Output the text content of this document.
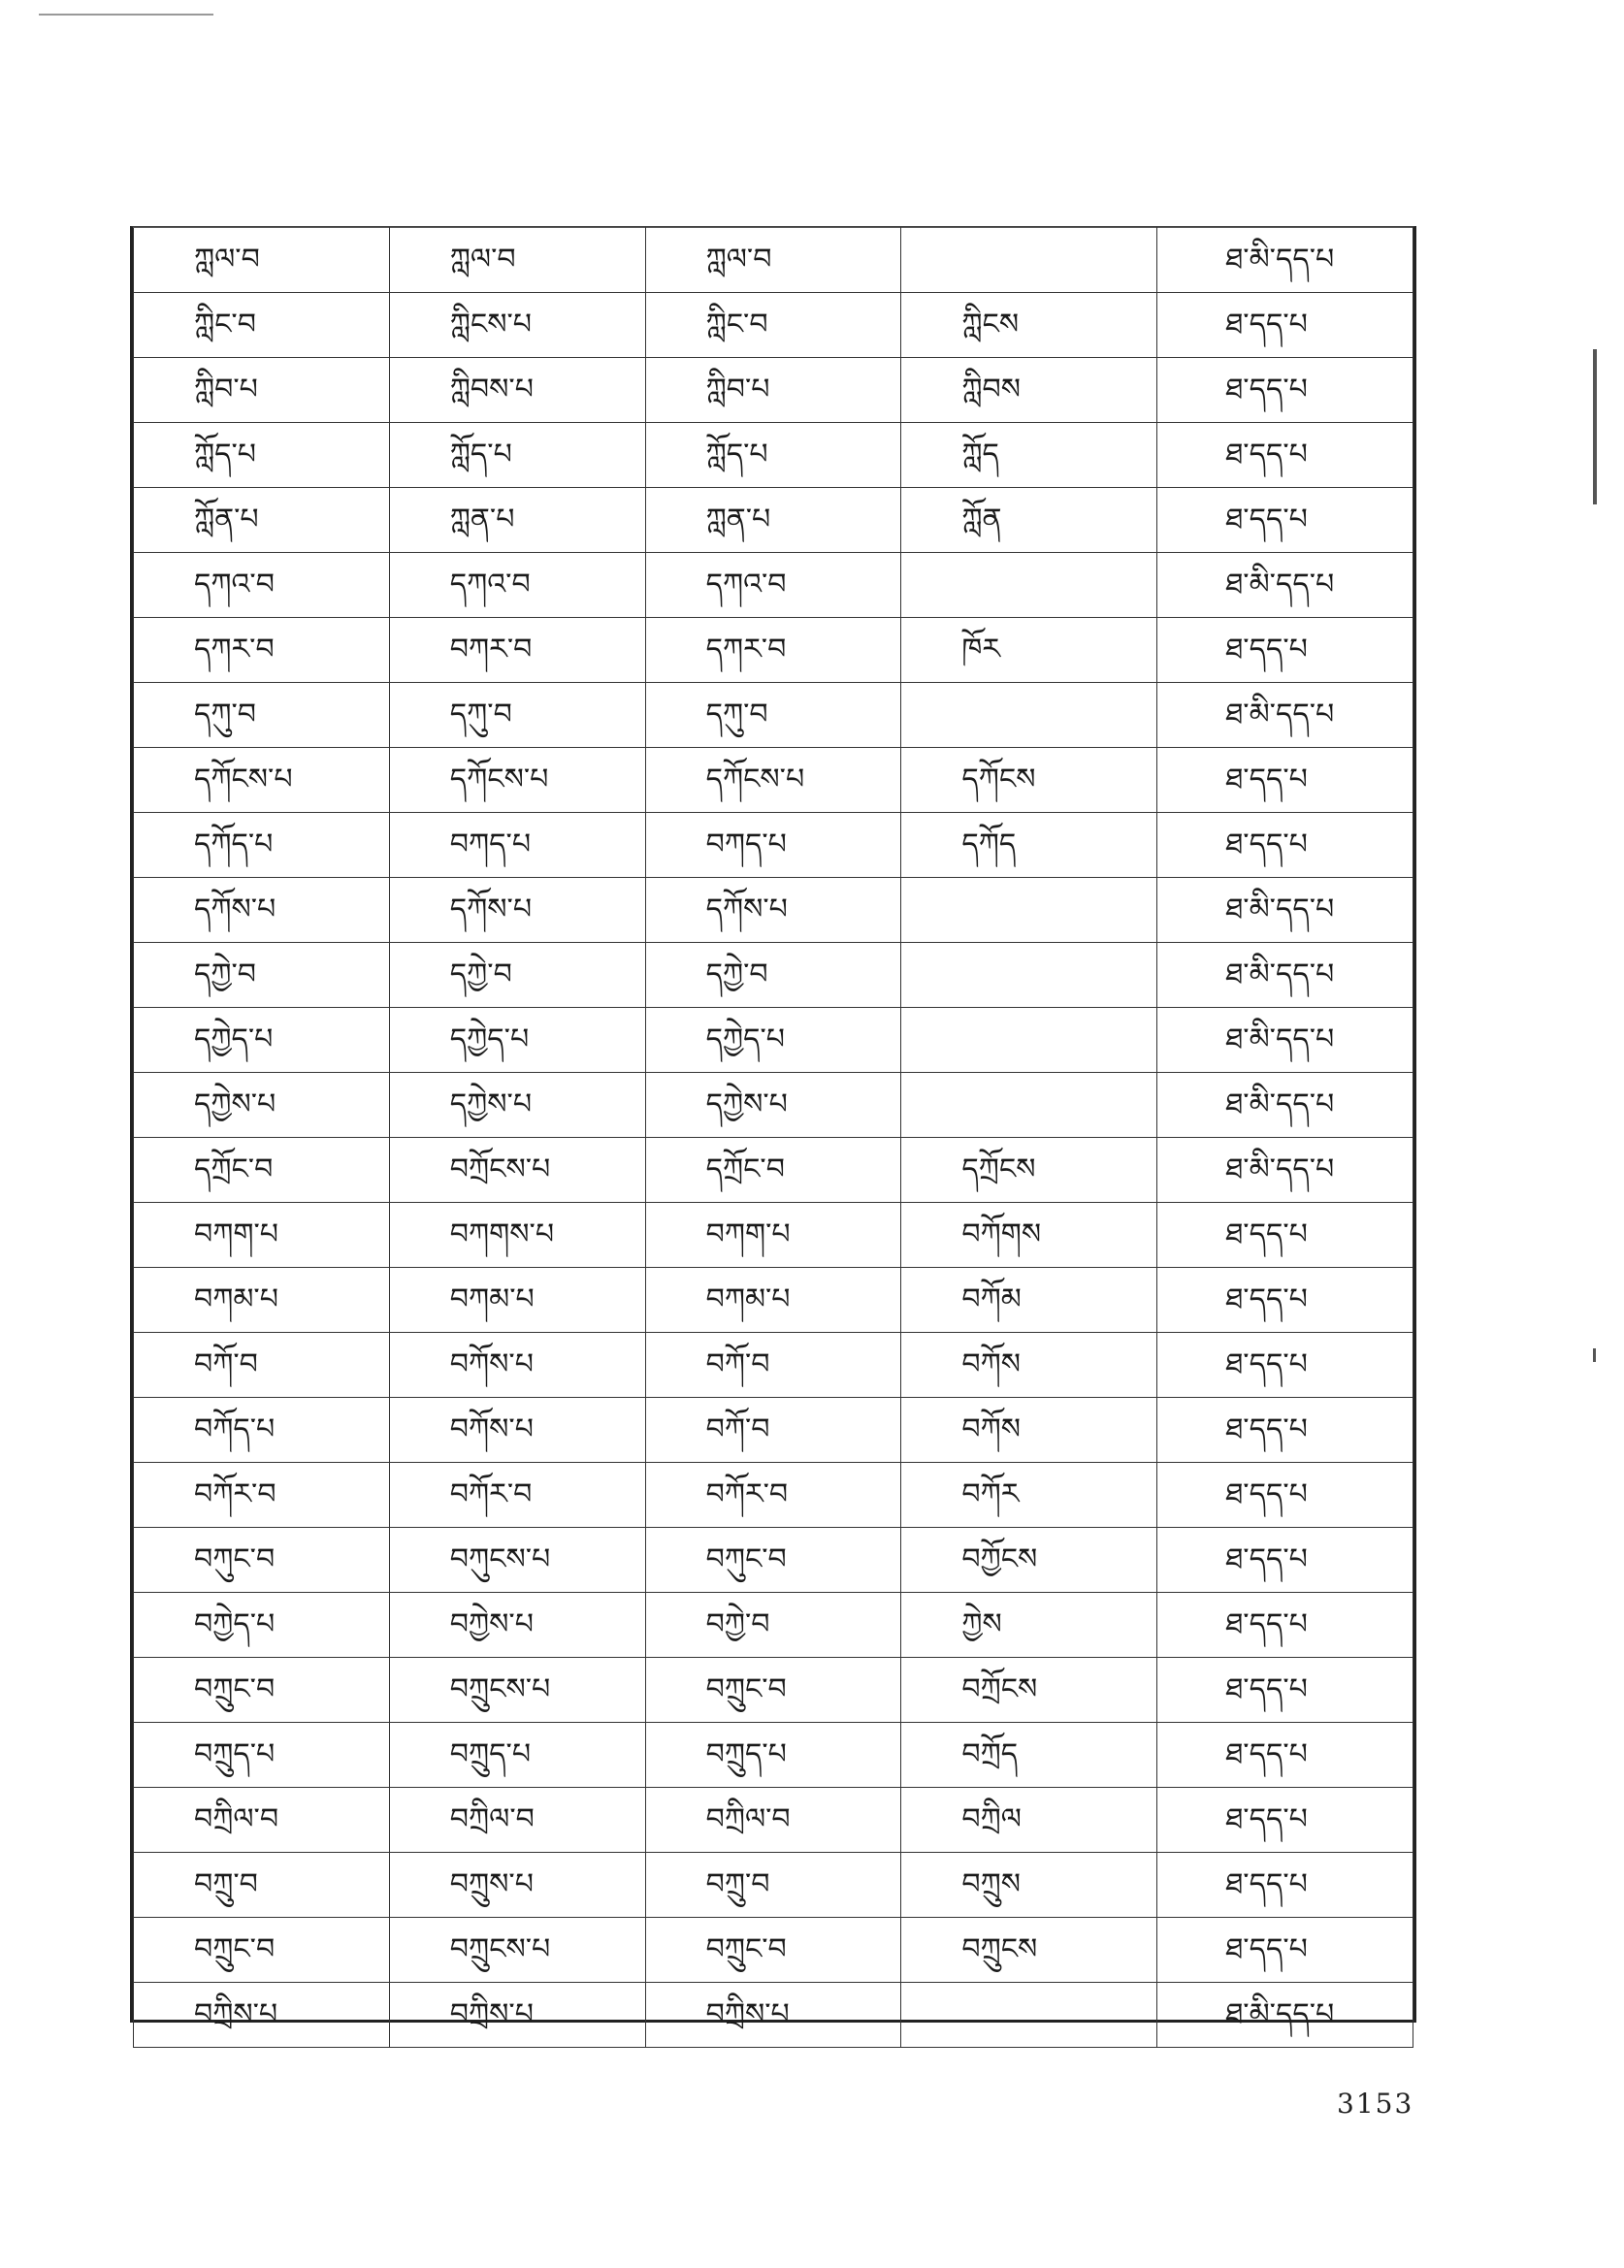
ཀླལ་བ	ཀླལ་བ	ཀླལ་བ		ཐ་མི་དད་པ
ཀླིང་བ	ཀླིངས་པ	ཀླིང་བ	ཀླིངས	ཐ་དད་པ
ཀླིབ་པ	ཀླིབས་པ	ཀླིབ་པ	ཀླིབས	ཐ་དད་པ
ཀློད་པ	ཀློད་པ	ཀློད་པ	ཀློད	ཐ་དད་པ
ཀློན་པ	ཀླན་པ	ཀླན་པ	ཀློན	ཐ་དད་པ
དཀའ་བ	དཀའ་བ	དཀའ་བ		ཐ་མི་དད་པ
དཀར་བ	བཀར་བ	དཀར་བ	ཁོར	ཐ་དད་པ
དཀུ་བ	དཀུ་བ	དཀུ་བ		ཐ་མི་དད་པ
དཀོངས་པ	དཀོངས་པ	དཀོངས་པ	དཀོངས	ཐ་དད་པ
དཀོད་པ	བཀད་པ	བཀད་པ	དཀོད	ཐ་དད་པ
དཀོས་པ	དཀོས་པ	དཀོས་པ		ཐ་མི་དད་པ
དཀྱེ་བ	དཀྱེ་བ	དཀྱེ་བ		ཐ་མི་དད་པ
དཀྱེད་པ	དཀྱེད་པ	དཀྱེད་པ		ཐ་མི་དད་པ
དཀྱེས་པ	དཀྱེས་པ	དཀྱེས་པ		ཐ་མི་དད་པ
དཀྲོང་བ	བཀྲོངས་པ	དཀྲོང་བ	དཀྲོངས	ཐ་མི་དད་པ
བཀག་པ	བཀགས་པ	བཀག་པ	བཀོགས	ཐ་དད་པ
བཀམ་པ	བཀམ་པ	བཀམ་པ	བཀོམ	ཐ་དད་པ
བཀོ་བ	བཀོས་པ	བཀོ་བ	བཀོས	ཐ་དད་པ
བཀོད་པ	བཀོས་པ	བཀོ་བ	བཀོས	ཐ་དད་པ
བཀོར་བ	བཀོར་བ	བཀོར་བ	བཀོར	ཐ་དད་པ
བཀུང་བ	བཀུངས་པ	བཀུང་བ	བཀྱོངས	ཐ་དད་པ
བཀྱེད་པ	བཀྱེས་པ	བཀྱེ་བ	ཀྱེས	ཐ་དད་པ
བཀྲུང་བ	བཀྲུངས་པ	བཀྲུང་བ	བཀྲོངས	ཐ་དད་པ
བཀྲུད་པ	བཀྲུད་པ	བཀྲུད་པ	བཀྲོད	ཐ་དད་པ
བཀྲིལ་བ	བཀྲིལ་བ	བཀྲིལ་བ	བཀྲིལ	ཐ་དད་པ
བཀྲུ་བ	བཀྲུས་པ	བཀྲུ་བ	བཀྲུས	ཐ་དད་པ
བཀྲུང་བ	བཀྲུངས་པ	བཀྲུང་བ	བཀྲུངས	ཐ་དད་པ
བཀྲིས་པ	བཀྲིས་པ	བཀྲིས་པ		ཐ་མི་དད་པ
3153
